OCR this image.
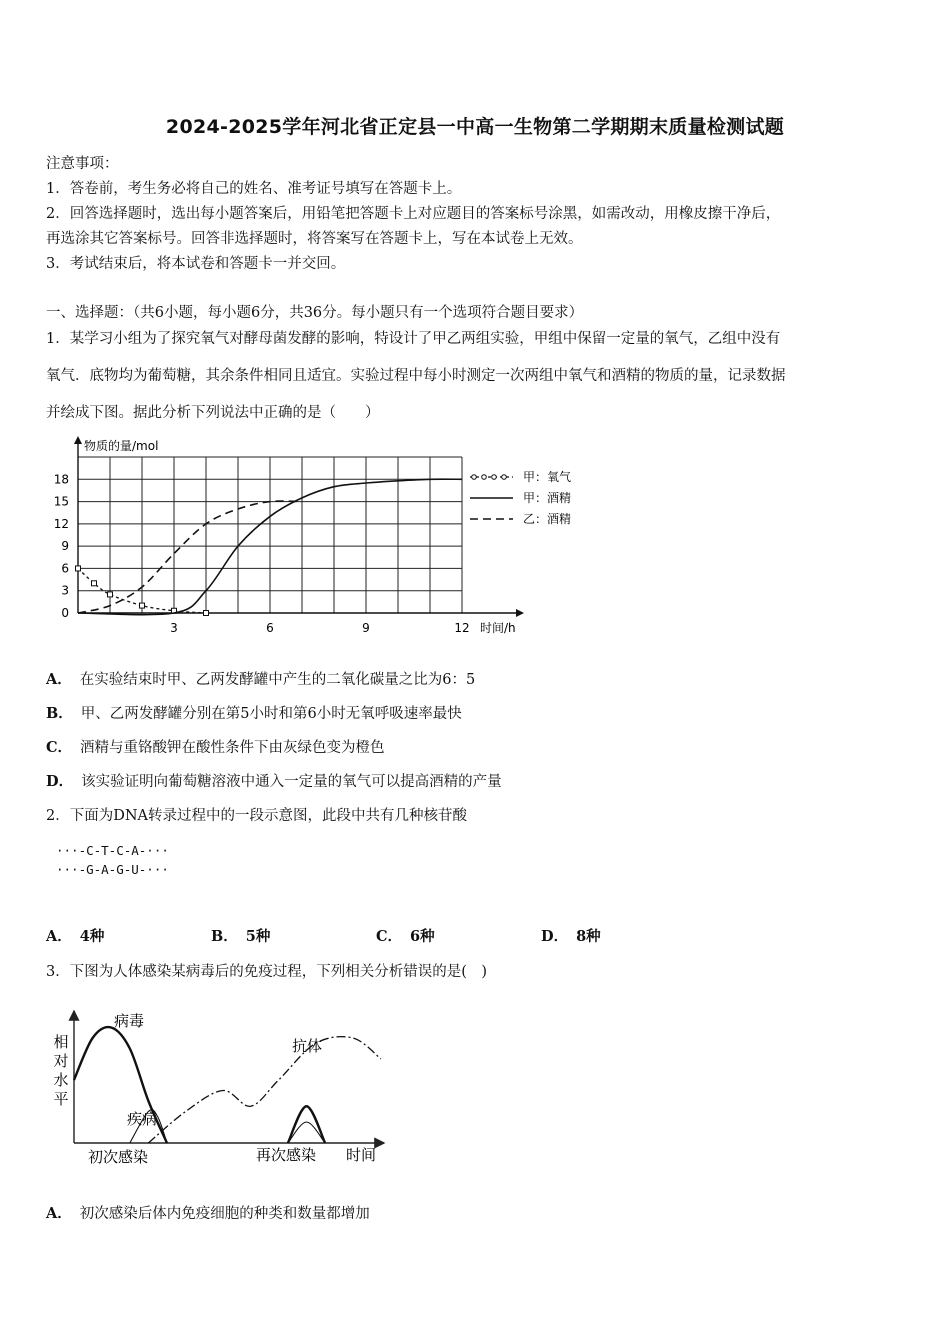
2024-2025学年河北省正定县一中高一生物第二学期期末质量检测试题
注意事项：
1．答卷前，考生务必将自己的姓名、准考证号填写在答题卡上。
2．回答选择题时，选出每小题答案后，用铅笔把答题卡上对应题目的答案标号涂黑，如需改动，用橡皮擦干净后，
再选涂其它答案标号。回答非选择题时，将答案写在答题卡上，写在本试卷上无效。
3．考试结束后，将本试卷和答题卡一并交回。
一、选择题：（共6小题，每小题6分，共36分。每小题只有一个选项符合题目要求）
1．某学习小组为了探究氧气对酵母菌发酵的影响，特设计了甲乙两组实验，甲组中保留一定量的氧气，乙组中没有
氧气．底物均为葡萄糖，其余条件相同且适宜。实验过程中每小时测定一次两组中氧气和酒精的物质的量，记录数据
并绘成下图。据此分析下列说法中正确的是（　　）
物质的量/mol
时间/h
0
3
6
9
12
15
18
3	6	9	12
甲：氧气
甲：酒精
乙：酒精
A． 在实验结束时甲、乙两发酵罐中产生的二氧化碳量之比为6：5
B． 甲、乙两发酵罐分别在第5小时和第6小时无氧呼吸速率最快
C． 酒精与重铬酸钾在酸性条件下由灰绿色变为橙色
D． 该实验证明向葡萄糖溶液中通入一定量的氧气可以提高酒精的产量
2．下面为DNA转录过程中的一段示意图，此段中共有几种核苷酸
···-C-T-C-A-···
···-G-A-G-U-···
A． 4种	B． 5种	C． 6种	D． 8种
3．下图为人体感染某病毒后的免疫过程，下列相关分析错误的是(　)
相
对
水
平
时间
初次感染	再次感染
病毒
疾病
抗体
A． 初次感染后体内免疫细胞的种类和数量都增加
